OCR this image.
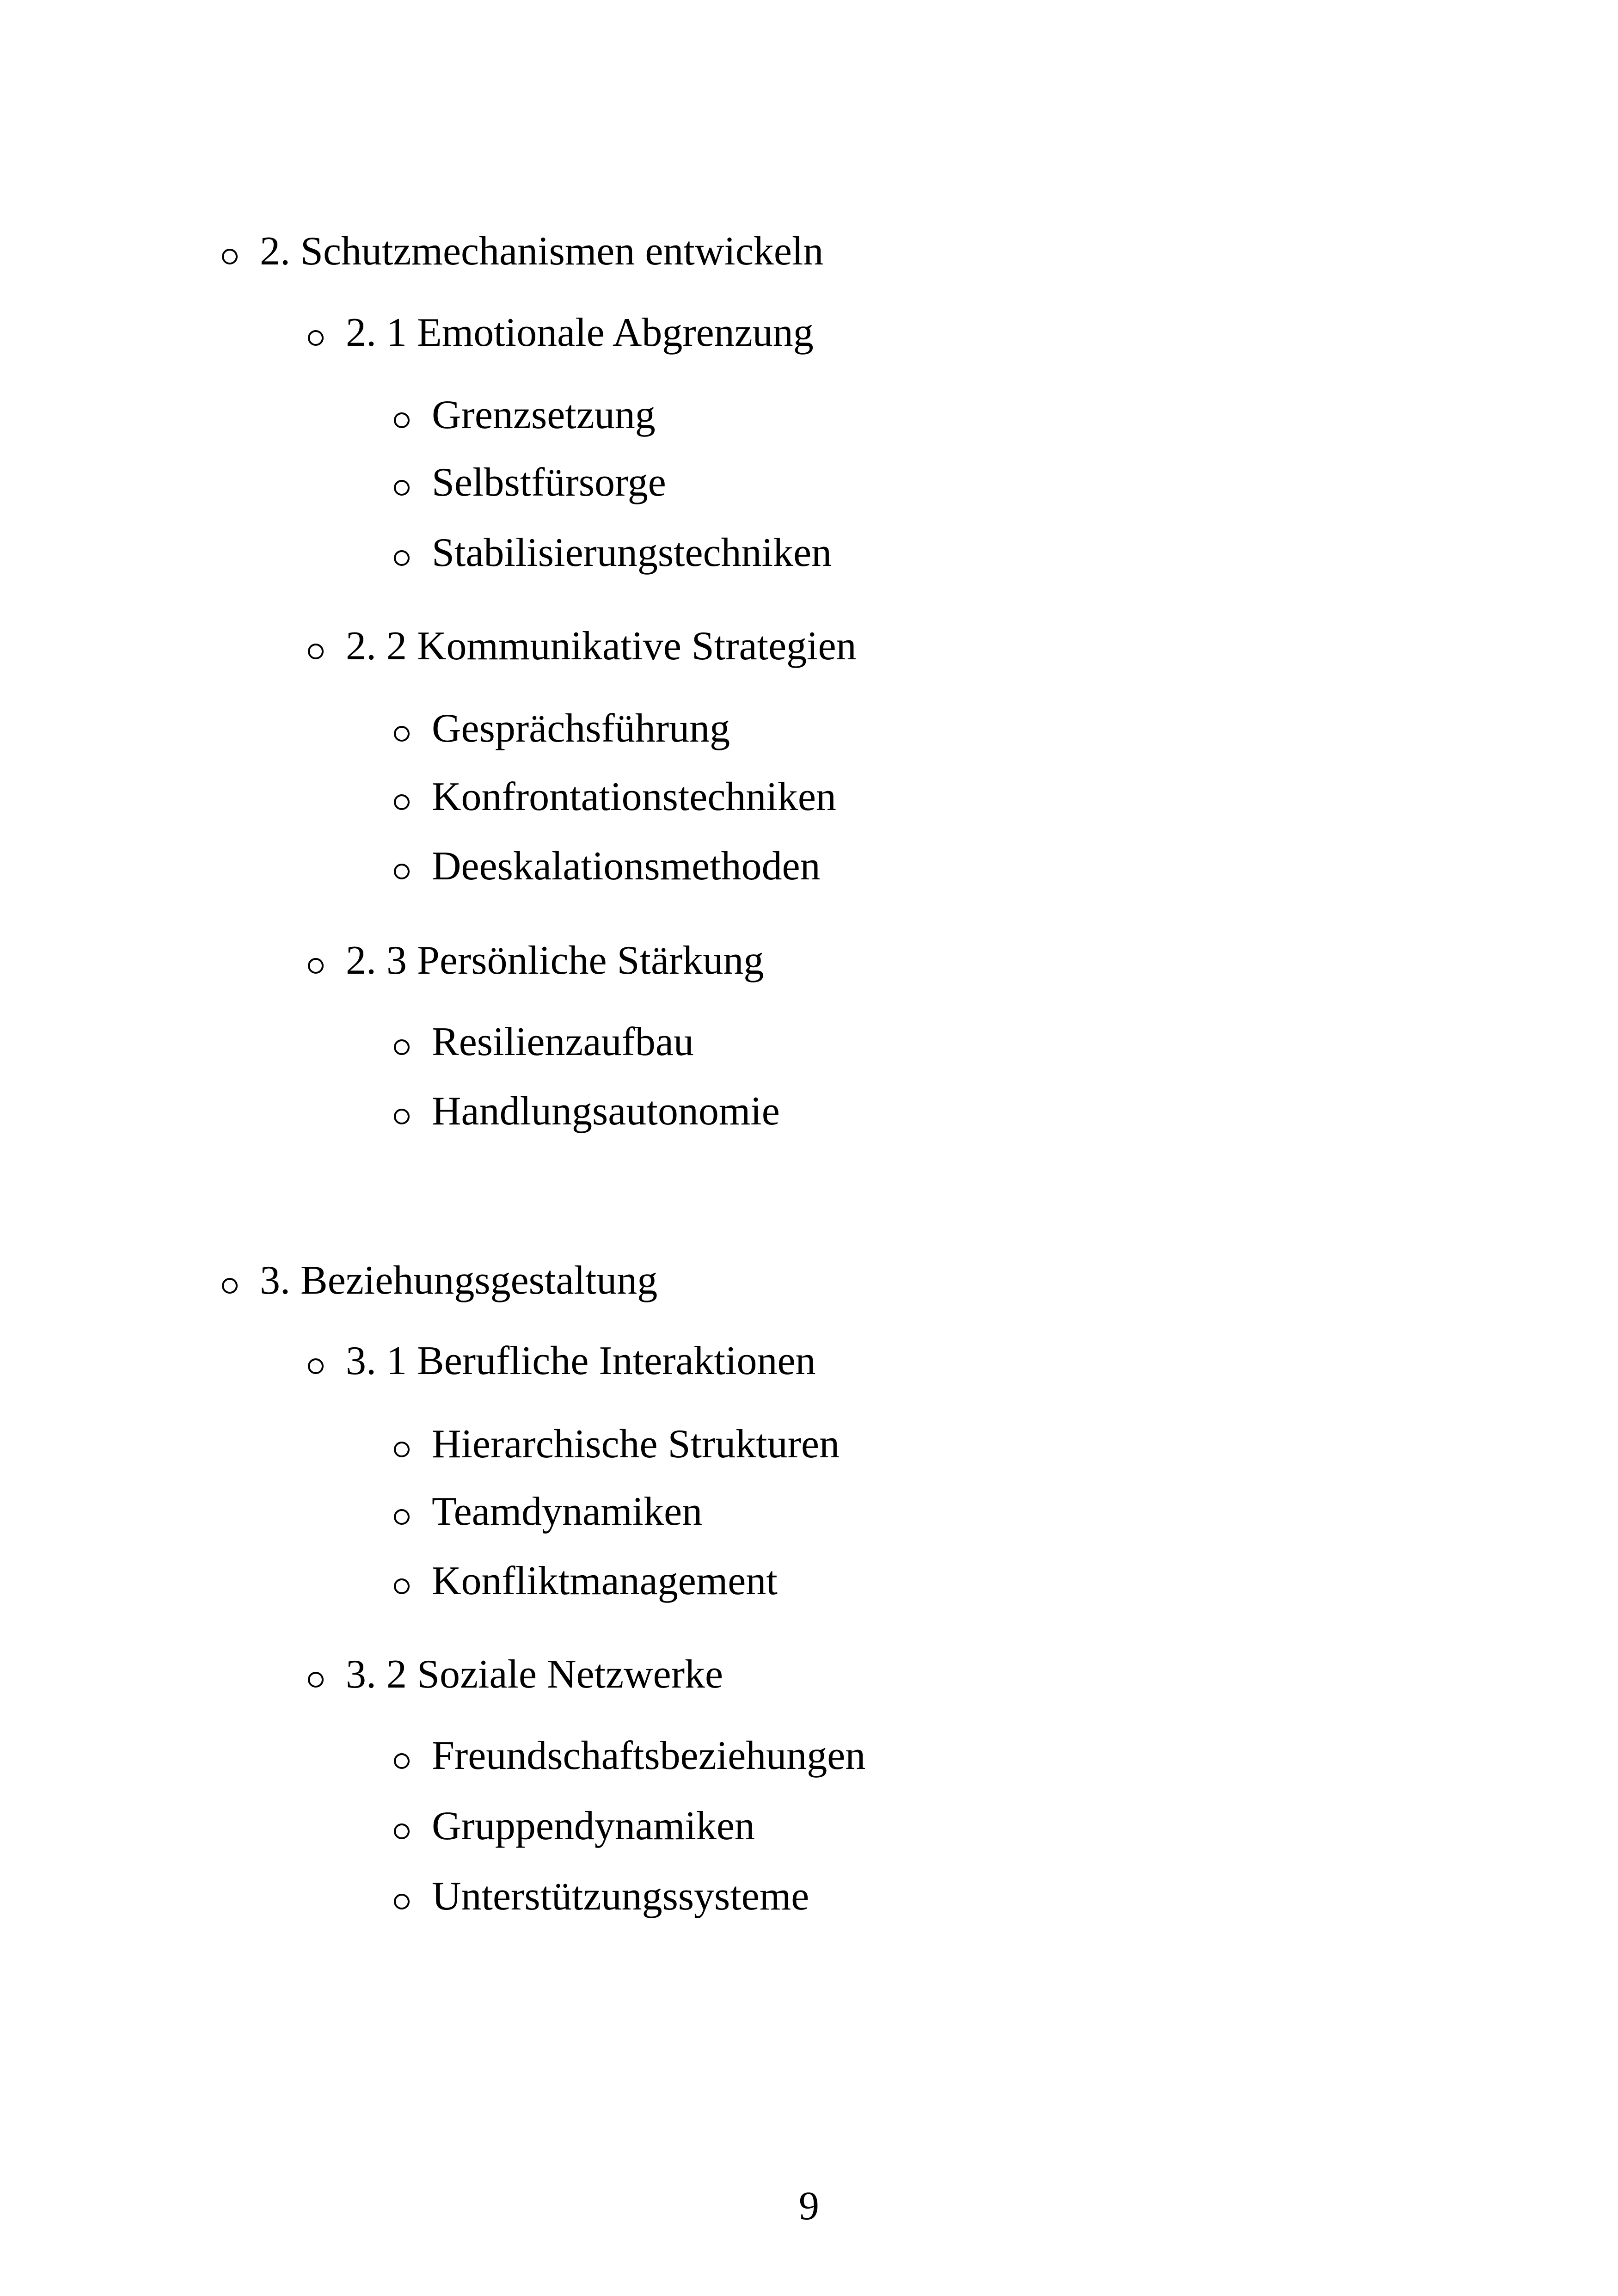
2. Schutzmechanismen entwickeln
2. 1 Emotionale Abgrenzung
Grenzsetzung
Selbstfürsorge
Stabilisierungstechniken
2. 2 Kommunikative Strategien
Gesprächsführung
Konfrontationstechniken
Deeskalationsmethoden
2. 3 Persönliche Stärkung
Resilienzaufbau
Handlungsautonomie
3. Beziehungsgestaltung
3. 1 Berufliche Interaktionen
Hierarchische Strukturen
Teamdynamiken
Konfliktmanagement
3. 2 Soziale Netzwerke
Freundschaftsbeziehungen
Gruppendynamiken
Unterstützungssysteme
9
